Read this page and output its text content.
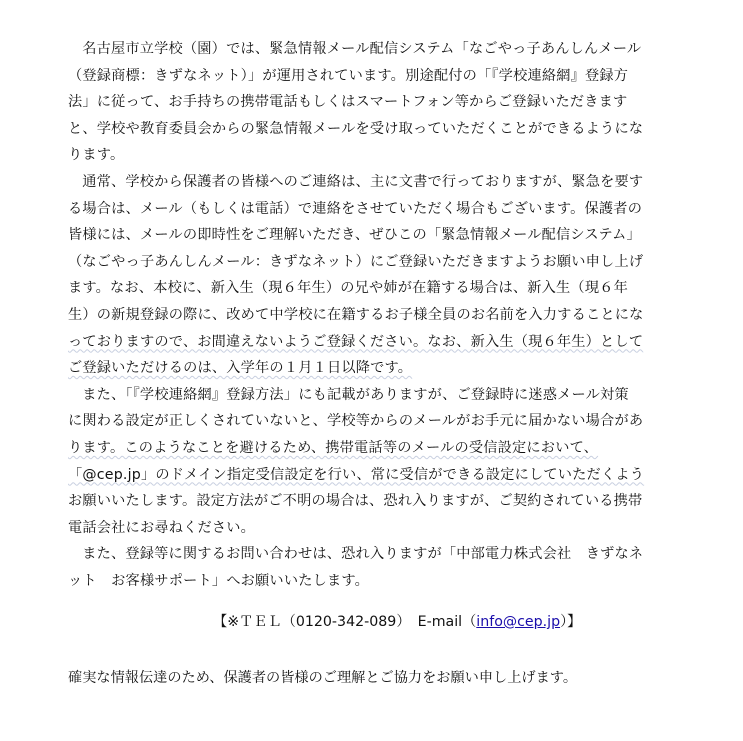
名古屋市立学校（園）では、緊急情報メール配信システム「なごやっ子あんしんメール
（登録商標：きずなネット）」が運用されています。別途配付の「『学校連絡網』登録方
法」に従って、お手持ちの携帯電話もしくはスマートフォン等からご登録いただきます
と、学校や教育委員会からの緊急情報メールを受け取っていただくことができるようにな
ります。

通常、学校から保護者の皆様へのご連絡は、主に文書で行っておりますが、緊急を要す
る場合は、メール（もしくは電話）で連絡をさせていただく場合もございます。保護者の
皆様には、メールの即時性をご理解いただき、ぜひこの「緊急情報メール配信システム」
（なごやっ子あんしんメール：きずなネット）にご登録いただきますようお願い申し上げ
ます。なお、本校に、新入生（現６年生）の兄や姉が在籍する場合は、新入生（現６年
生）の新規登録の際に、改めて中学校に在籍するお子様全員のお名前を入力することにな
っておりますので、お間違えないようご登録ください。なお、新入生（現６年生）として
ご登録いただけるのは、入学年の１月１日以降です。

また、「『学校連絡網』登録方法」にも記載がありますが、ご登録時に迷惑メール対策
に関わる設定が正しくされていないと、学校等からのメールがお手元に届かない場合があ
ります。このようなことを避けるため、携帯電話等のメールの受信設定において、
「@cep.jp」のドメイン指定受信設定を行い、常に受信ができる設定にしていただくよう
お願いいたします。設定方法がご不明の場合は、恐れ入りますが、ご契約されている携帯
電話会社にお尋ねください。

また、登録等に関するお問い合わせは、恐れ入りますが「中部電力株式会社　きずなネ
ット　お客様サポート」へお願いいたします。

【※ＴＥＬ（0120-342-089）　E-mail（info@cep.jp）】
確実な情報伝達のため、保護者の皆様のご理解とご協力をお願い申し上げます。
